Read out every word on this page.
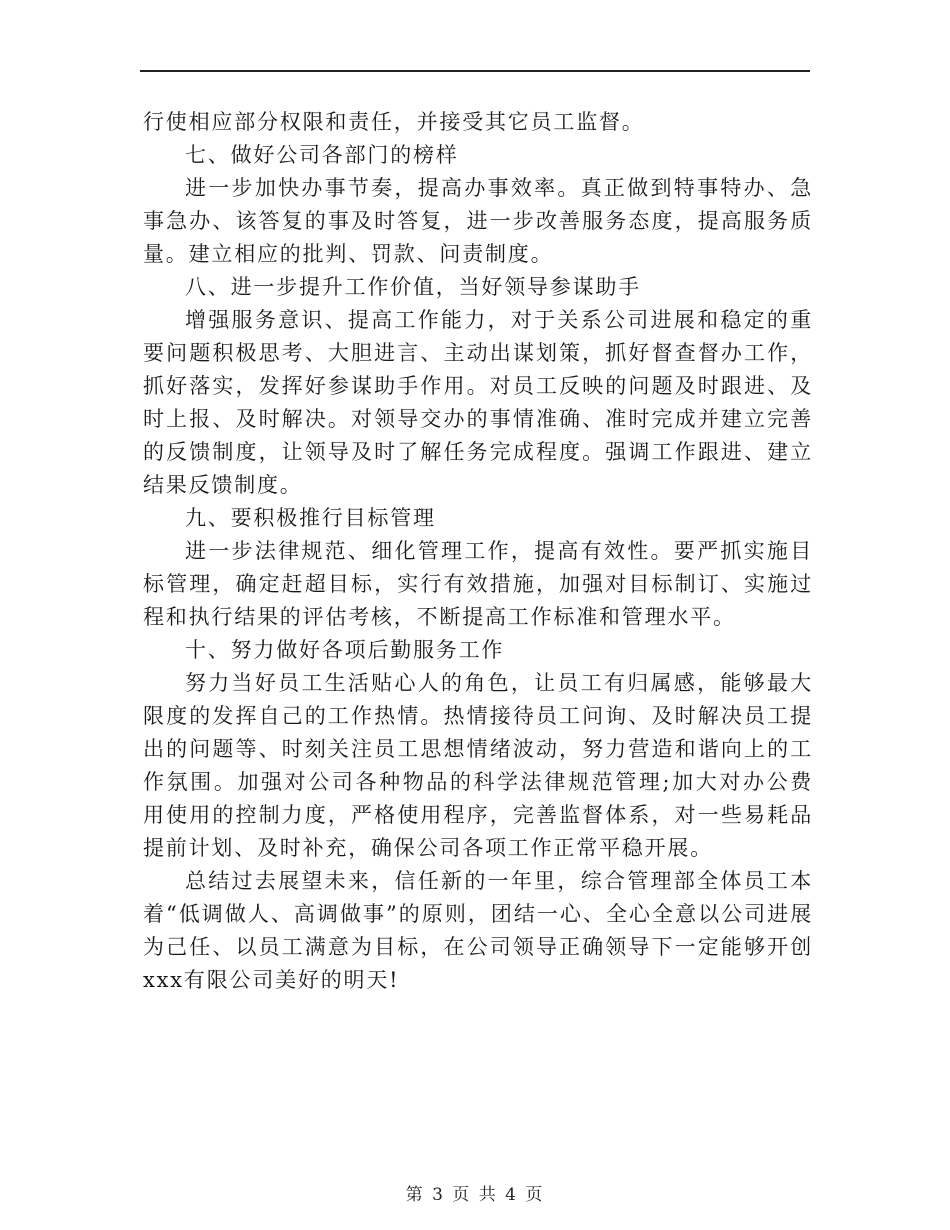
行使相应部分权限和责任，并接受其它员工监督。

七、做好公司各部门的榜样

进一步加快办事节奏，提高办事效率。真正做到特事特办、急事急办、该答复的事及时答复，进一步改善服务态度，提高服务质量。建立相应的批判、罚款、问责制度。

八、进一步提升工作价值，当好领导参谋助手

增强服务意识、提高工作能力，对于关系公司进展和稳定的重要问题积极思考、大胆进言、主动出谋划策，抓好督查督办工作，抓好落实，发挥好参谋助手作用。对员工反映的问题及时跟进、及时上报、及时解决。对领导交办的事情准确、准时完成并建立完善的反馈制度，让领导及时了解任务完成程度。强调工作跟进、建立结果反馈制度。

九、要积极推行目标管理

进一步法律规范、细化管理工作，提高有效性。要严抓实施目标管理，确定赶超目标，实行有效措施，加强对目标制订、实施过程和执行结果的评估考核，不断提高工作标准和管理水平。

十、努力做好各项后勤服务工作

努力当好员工生活贴心人的角色，让员工有归属感，能够最大限度的发挥自己的工作热情。热情接待员工问询、及时解决员工提出的问题等、时刻关注员工思想情绪波动，努力营造和谐向上的工作氛围。加强对公司各种物品的科学法律规范管理;加大对办公费用使用的控制力度，严格使用程序，完善监督体系，对一些易耗品提前计划、及时补充，确保公司各项工作正常平稳开展。

总结过去展望未来，信任新的一年里，综合管理部全体员工本着“低调做人、高调做事”的原则，团结一心、全心全意以公司进展为己任、以员工满意为目标，在公司领导正确领导下一定能够开创xxx有限公司美好的明天!

第 3 页 共 4 页
